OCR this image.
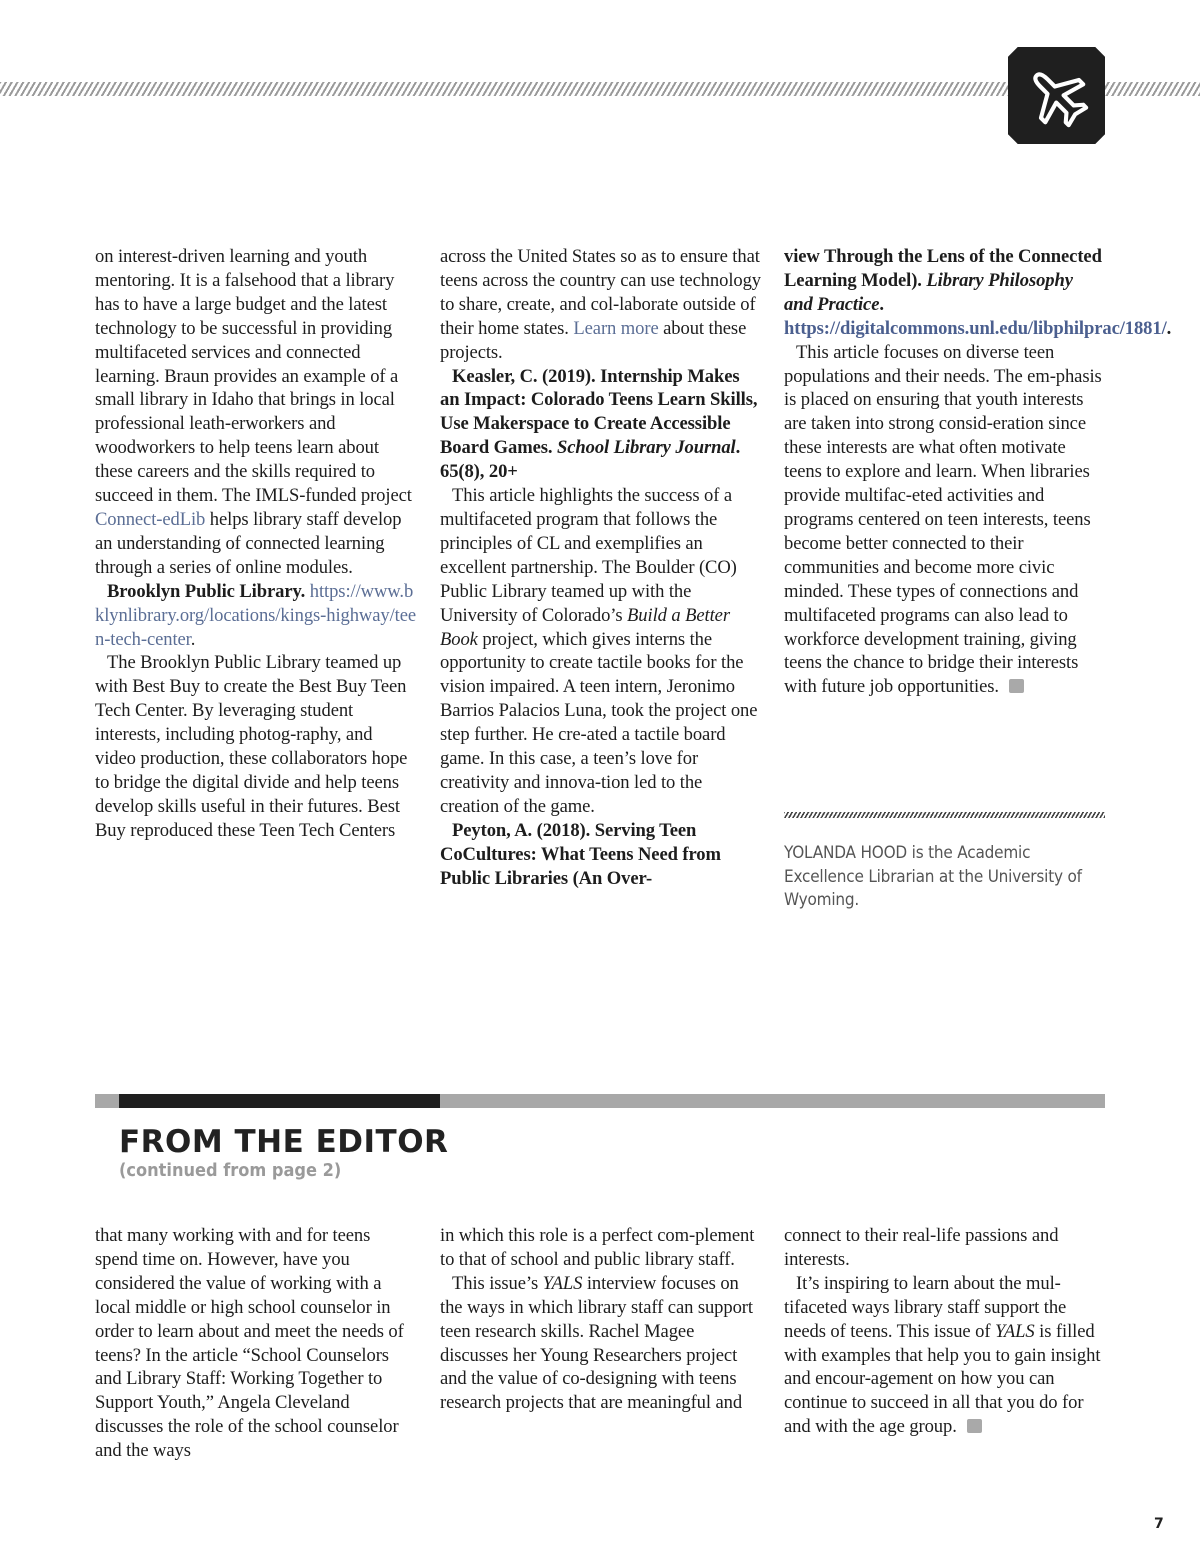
on interest-driven learning and youth mentoring. It is a falsehood that a library has to have a large budget and the latest technology to be successful in providing multifaceted services and connected learning. Braun provides an example of a small library in Idaho that brings in local professional leath-erworkers and woodworkers to help teens learn about these careers and the skills required to succeed in them. The IMLS-funded project Connect-edLib helps library staff develop an understanding of connected learning through a series of online modules.

Brooklyn Public Library. https://www.bklynlibrary.org/locations/kings-highway/teen-tech-center.

The Brooklyn Public Library teamed up with Best Buy to create the Best Buy Teen Tech Center. By leveraging student interests, including photog-raphy, and video production, these collaborators hope to bridge the digital divide and help teens develop skills useful in their futures. Best Buy reproduced these Teen Tech Centers

across the United States so as to ensure that teens across the country can use technology to share, create, and col-laborate outside of their home states. Learn more about these projects.

Keasler, C. (2019). Internship Makes an Impact: Colorado Teens Learn Skills, Use Makerspace to Create Accessible Board Games. School Library Journal. 65(8), 20+

This article highlights the success of a multifaceted program that follows the principles of CL and exemplifies an excellent partnership. The Boulder (CO) Public Library teamed up with the University of Colorado’s Build a Better Book project, which gives interns the opportunity to create tactile books for the vision impaired. A teen intern, Jeronimo Barrios Palacios Luna, took the project one step further. He cre-ated a tactile board game. In this case, a teen’s love for creativity and innova-tion led to the creation of the game.

Peyton, A. (2018). Serving Teen CoCultures: What Teens Need from Public Libraries (An Over-

view Through the Lens of the Connected Learning Model). Library Philosophy and Practice. https://digitalcommons.unl.edu/libphilprac/1881/.

This article focuses on diverse teen populations and their needs. The em-phasis is placed on ensuring that youth interests are taken into strong consid-eration since these interests are what often motivate teens to explore and learn. When libraries provide multifac-eted activities and programs centered on teen interests, teens become better connected to their communities and become more civic minded. These types of connections and multifaceted programs can also lead to workforce development training, giving teens the chance to bridge their interests with future job opportunities.

YOLANDA HOOD is the Academic Excellence Librarian at the University of Wyoming.
FROM THE EDITOR
(continued from page 2)

that many working with and for teens spend time on. However, have you considered the value of working with a local middle or high school counselor in order to learn about and meet the needs of teens? In the article “School Counselors and Library Staff: Working Together to Support Youth,” Angela Cleveland discusses the role of the school counselor and the ways

in which this role is a perfect com-plement to that of school and public library staff.

This issue’s YALS interview focuses on the ways in which library staff can support teen research skills. Rachel Magee discusses her Young Researchers project and the value of co-designing with teens research projects that are meaningful and

connect to their real-life passions and interests.

It’s inspiring to learn about the mul-tifaceted ways library staff support the needs of teens. This issue of YALS is filled with examples that help you to gain insight and encour-agement on how you can continue to succeed in all that you do for and with the age group.

7
